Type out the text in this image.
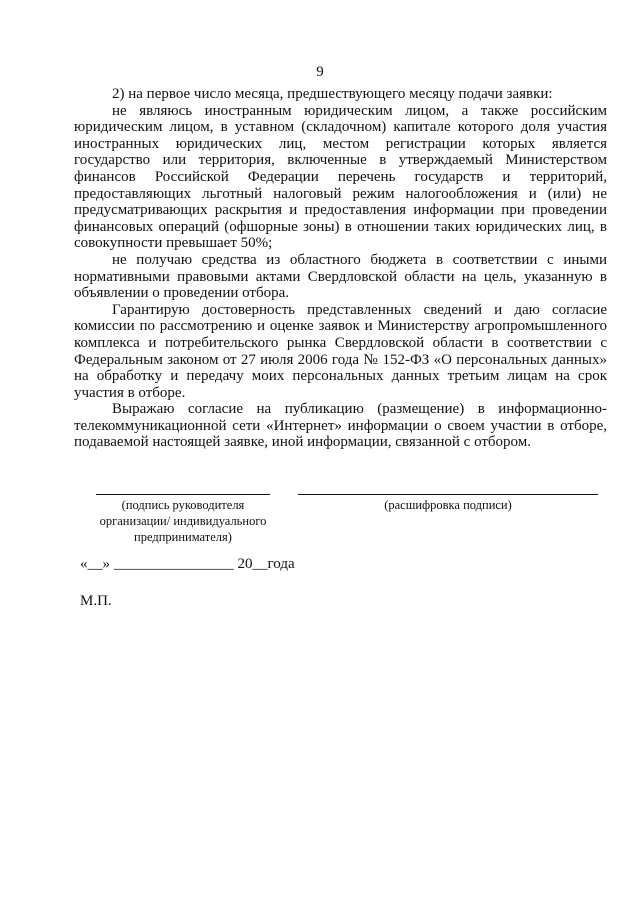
9

2) на первое число месяца, предшествующего месяцу подачи заявки:

не являюсь иностранным юридическим лицом, а также российским юридическим лицом, в уставном (складочном) капитале которого доля участия иностранных юридических лиц, местом регистрации которых является государство или территория, включенные в утверждаемый Министерством финансов Российской Федерации перечень государств и территорий, предоставляющих льготный налоговый режим налогообложения и (или) не предусматривающих раскрытия и предоставления информации при проведении финансовых операций (офшорные зоны) в отношении таких юридических лиц, в совокупности превышает 50%;

не получаю средства из областного бюджета в соответствии с иными нормативными правовыми актами Свердловской области на цель, указанную в объявлении о проведении отбора.

Гарантирую достоверность представленных сведений и даю согласие комиссии по рассмотрению и оценке заявок и Министерству агропромышленного комплекса и потребительского рынка Свердловской области в соответствии с Федеральным законом от 27 июля 2006 года № 152-ФЗ «О персональных данных» на обработку и передачу моих персональных данных третьим лицам на срок участия в отборе.

Выражаю согласие на публикацию (размещение) в информационно-телекоммуникационной сети «Интернет» информации о своем участии в отборе, подаваемой настоящей заявке, иной информации, связанной с отбором.

(подпись руководителя организации/ индивидуального предпринимателя)
(расшифровка подписи)
«__» ________________ 20__года
М.П.
